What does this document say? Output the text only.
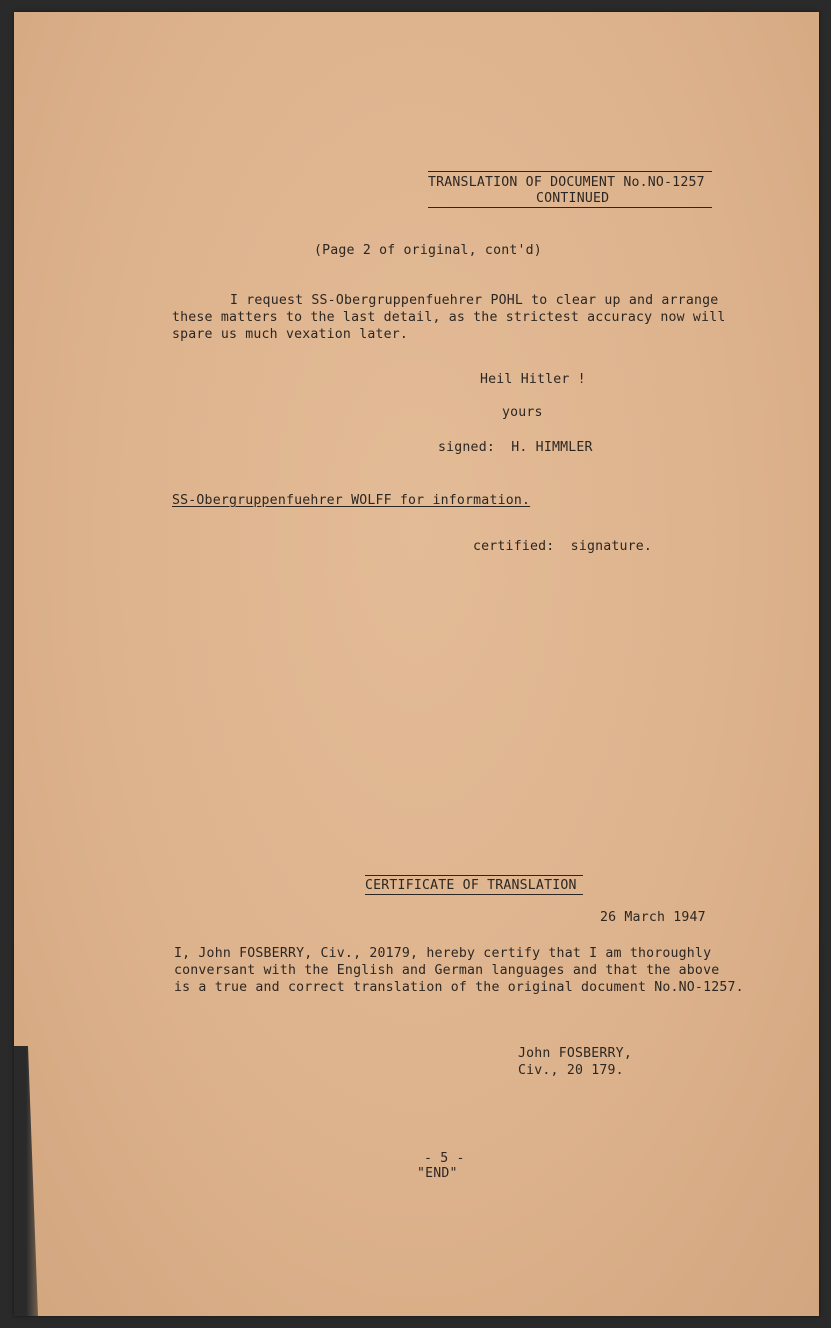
TRANSLATION OF DOCUMENT No.NO-1257
CONTINUED
(Page 2 of original, cont'd)
I request SS-Obergruppenfuehrer POHL to clear up and arrange
these matters to the last detail, as the strictest accuracy now will
spare us much vexation later.
Heil Hitler !
yours
signed:  H. HIMMLER
SS-Obergruppenfuehrer WOLFF for information.
certified:  signature.
CERTIFICATE OF TRANSLATION
26 March 1947
I, John FOSBERRY, Civ., 20179, hereby certify that I am thoroughly
conversant with the English and German languages and that the above
is a true and correct translation of the original document No.NO-1257.
John FOSBERRY,
Civ., 20 179.
- 5 -
"END"
